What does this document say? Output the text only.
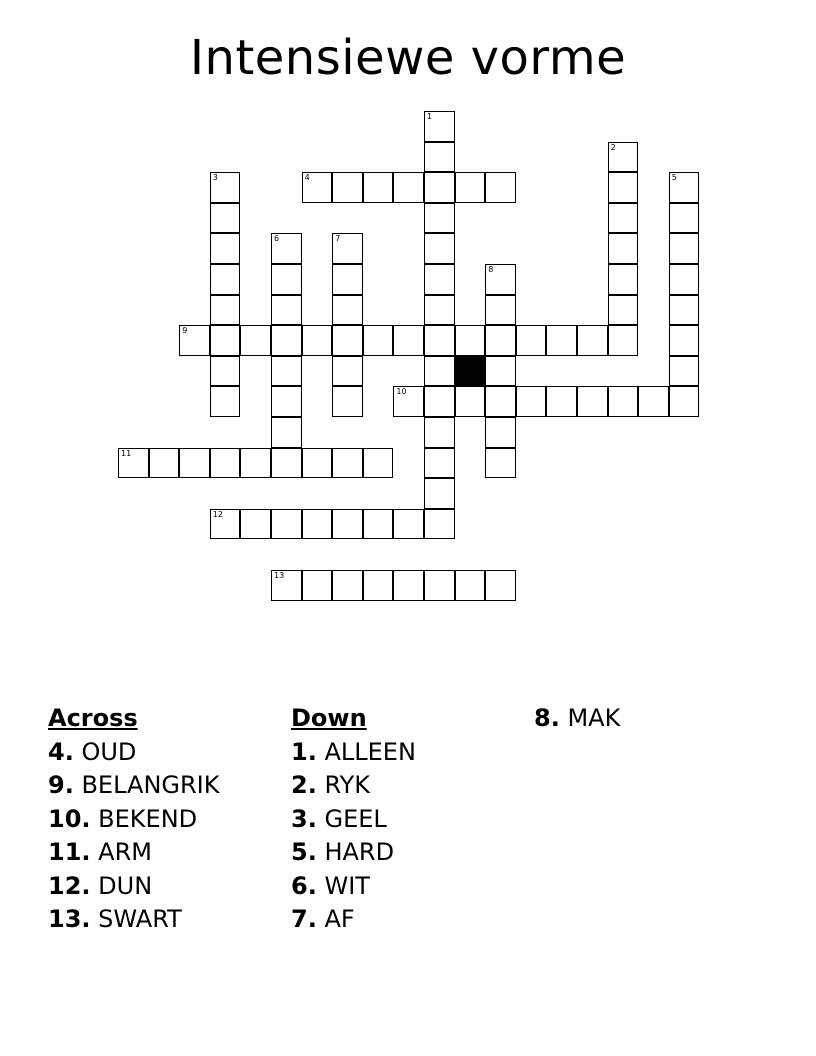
Intensiewe vorme
1
2
3	5
6	7
8
4
9
10
11
12
13
Across
4. OUD
9. BELANGRIK
10. BEKEND
11. ARM
12. DUN
13. SWART
Down
1. ALLEEN
2. RYK
3. GEEL
5. HARD
6. WIT
7. AF
8. MAK
